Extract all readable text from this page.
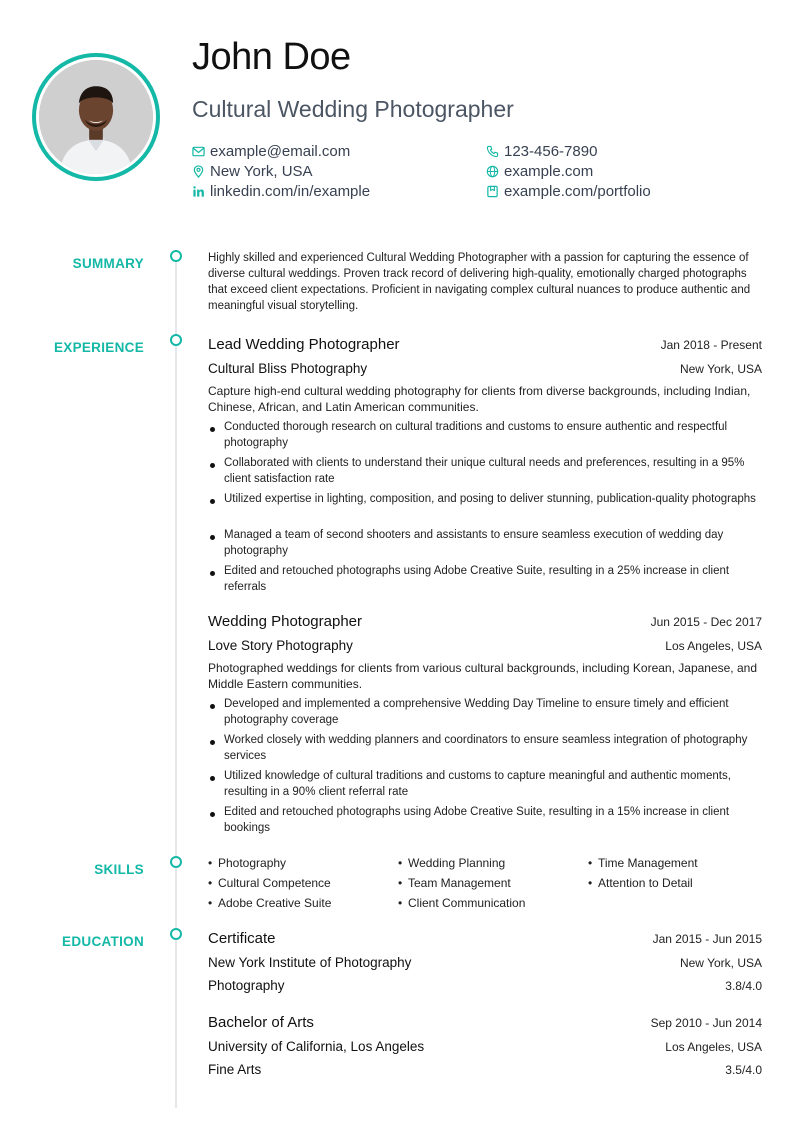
John Doe
Cultural Wedding Photographer
example@email.com	123-456-7890
New York, USA	example.com
linkedin.com/in/example	example.com/portfolio
SUMMARY
EXPERIENCE
SKILLS
EDUCATION

Highly skilled and experienced Cultural Wedding Photographer with a passion for capturing the essence of diverse cultural weddings. Proven track record of delivering high-quality, emotionally charged photographs that exceed client expectations. Proficient in navigating complex cultural nuances to produce authentic and meaningful visual storytelling.

Lead Wedding Photographer	Jan 2018 - Present
Cultural Bliss Photography	New York, USA

Capture high-end cultural wedding photography for clients from diverse backgrounds, including Indian, Chinese, African, and Latin American communities.

Conducted thorough research on cultural traditions and customs to ensure authentic and respectful photography
Collaborated with clients to understand their unique cultural needs and preferences, resulting in a 95% client satisfaction rate
Utilized expertise in lighting, composition, and posing to deliver stunning, publication-quality photographs
Managed a team of second shooters and assistants to ensure seamless execution of wedding day photography
Edited and retouched photographs using Adobe Creative Suite, resulting in a 25% increase in client referrals
Wedding Photographer	Jun 2015 - Dec 2017
Love Story Photography	Los Angeles, USA

Photographed weddings for clients from various cultural backgrounds, including Korean, Japanese, and Middle Eastern communities.

Developed and implemented a comprehensive Wedding Day Timeline to ensure timely and efficient photography coverage
Worked closely with wedding planners and coordinators to ensure seamless integration of photography services
Utilized knowledge of cultural traditions and customs to capture meaningful and authentic moments, resulting in a 90% client referral rate
Edited and retouched photographs using Adobe Creative Suite, resulting in a 15% increase in client bookings
• Photography	• Wedding Planning	• Time Management
• Cultural Competence	• Team Management	• Attention to Detail
• Adobe Creative Suite	• Client Communication
Certificate	Jan 2015 - Jun 2015
New York Institute of Photography	New York, USA
Photography	3.8/4.0
Bachelor of Arts	Sep 2010 - Jun 2014
University of California, Los Angeles	Los Angeles, USA
Fine Arts	3.5/4.0
